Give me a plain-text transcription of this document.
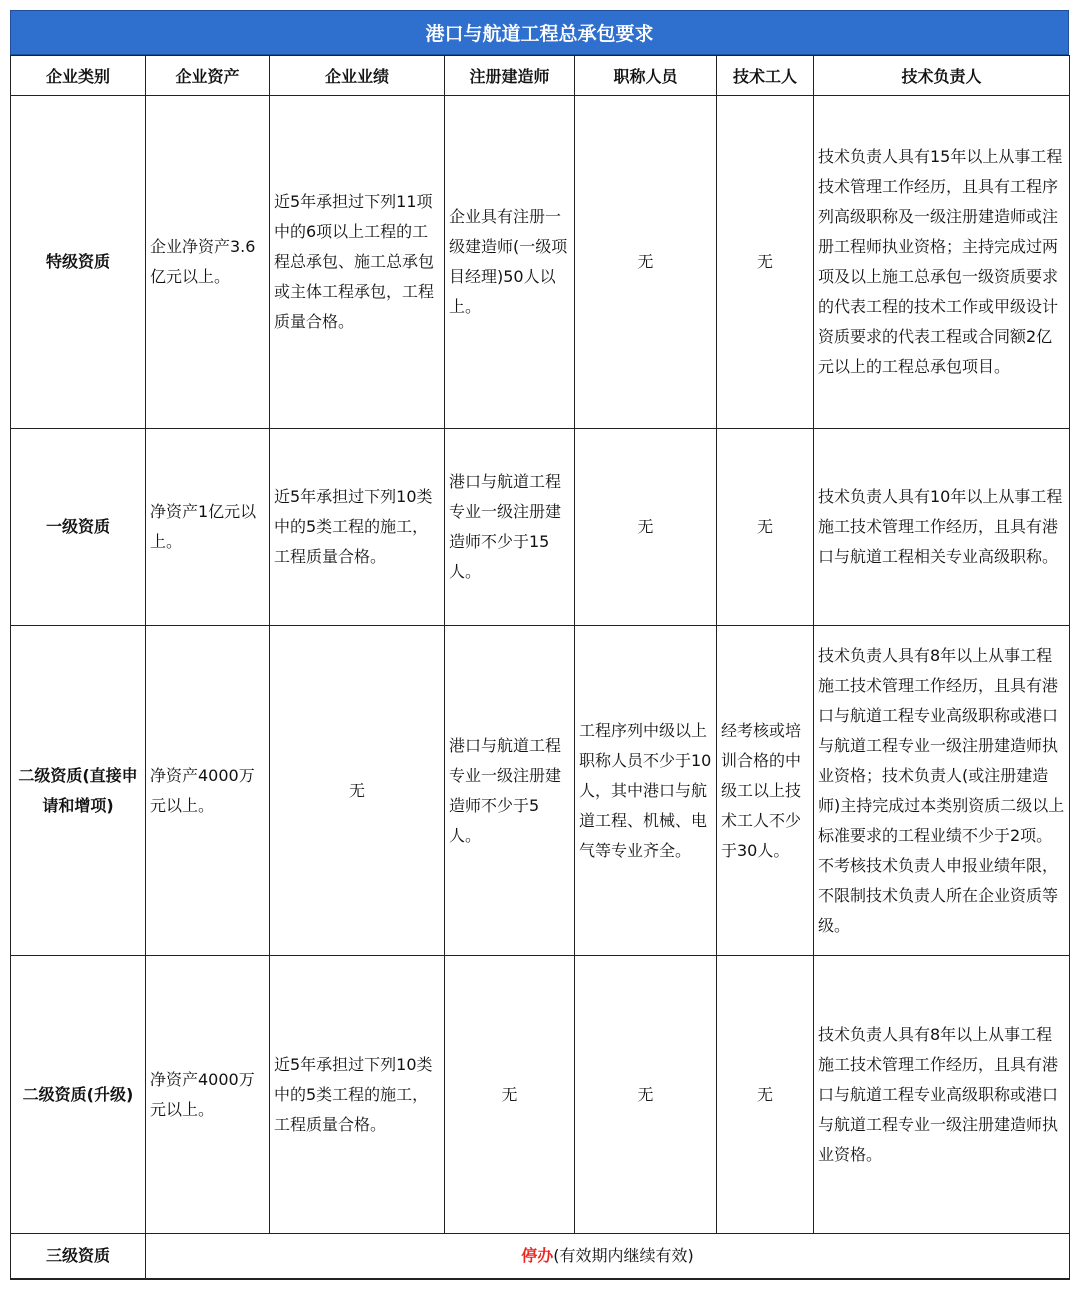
港口与航道工程总承包要求
企业类别	企业资产	企业业绩	注册建造师	职称人员	技术工人	技术负责人
特级资质	企业净资产3.6亿元以上。	近5年承担过下列11项中的6项以上工程的工程总承包、施工总承包或主体工程承包，工程质量合格。	企业具有注册一级建造师(一级项目经理)50人以上。	无	无	技术负责人具有15年以上从事工程技术管理工作经历，且具有工程序列高级职称及一级注册建造师或注册工程师执业资格；主持完成过两项及以上施工总承包一级资质要求的代表工程的技术工作或甲级设计资质要求的代表工程或合同额2亿元以上的工程总承包项目。
一级资质	净资产1亿元以上。	近5年承担过下列10类中的5类工程的施工，工程质量合格。	港口与航道工程专业一级注册建造师不少于15人。	无	无	技术负责人具有10年以上从事工程施工技术管理工作经历，且具有港口与航道工程相关专业高级职称。
二级资质(直接申请和增项)	净资产4000万元以上。	无	港口与航道工程专业一级注册建造师不少于5人。	工程序列中级以上职称人员不少于10人，其中港口与航道工程、机械、电气等专业齐全。	经考核或培训合格的中级工以上技术工人不少于30人。	技术负责人具有8年以上从事工程施工技术管理工作经历，且具有港口与航道工程专业高级职称或港口与航道工程专业一级注册建造师执业资格；技术负责人(或注册建造师)主持完成过本类别资质二级以上标准要求的工程业绩不少于2项。不考核技术负责人申报业绩年限，不限制技术负责人所在企业资质等级。
二级资质(升级)	净资产4000万元以上。	近5年承担过下列10类中的5类工程的施工，工程质量合格。	无	无	无	技术负责人具有8年以上从事工程施工技术管理工作经历，且具有港口与航道工程专业高级职称或港口与航道工程专业一级注册建造师执业资格。
三级资质	停办(有效期内继续有效)					
